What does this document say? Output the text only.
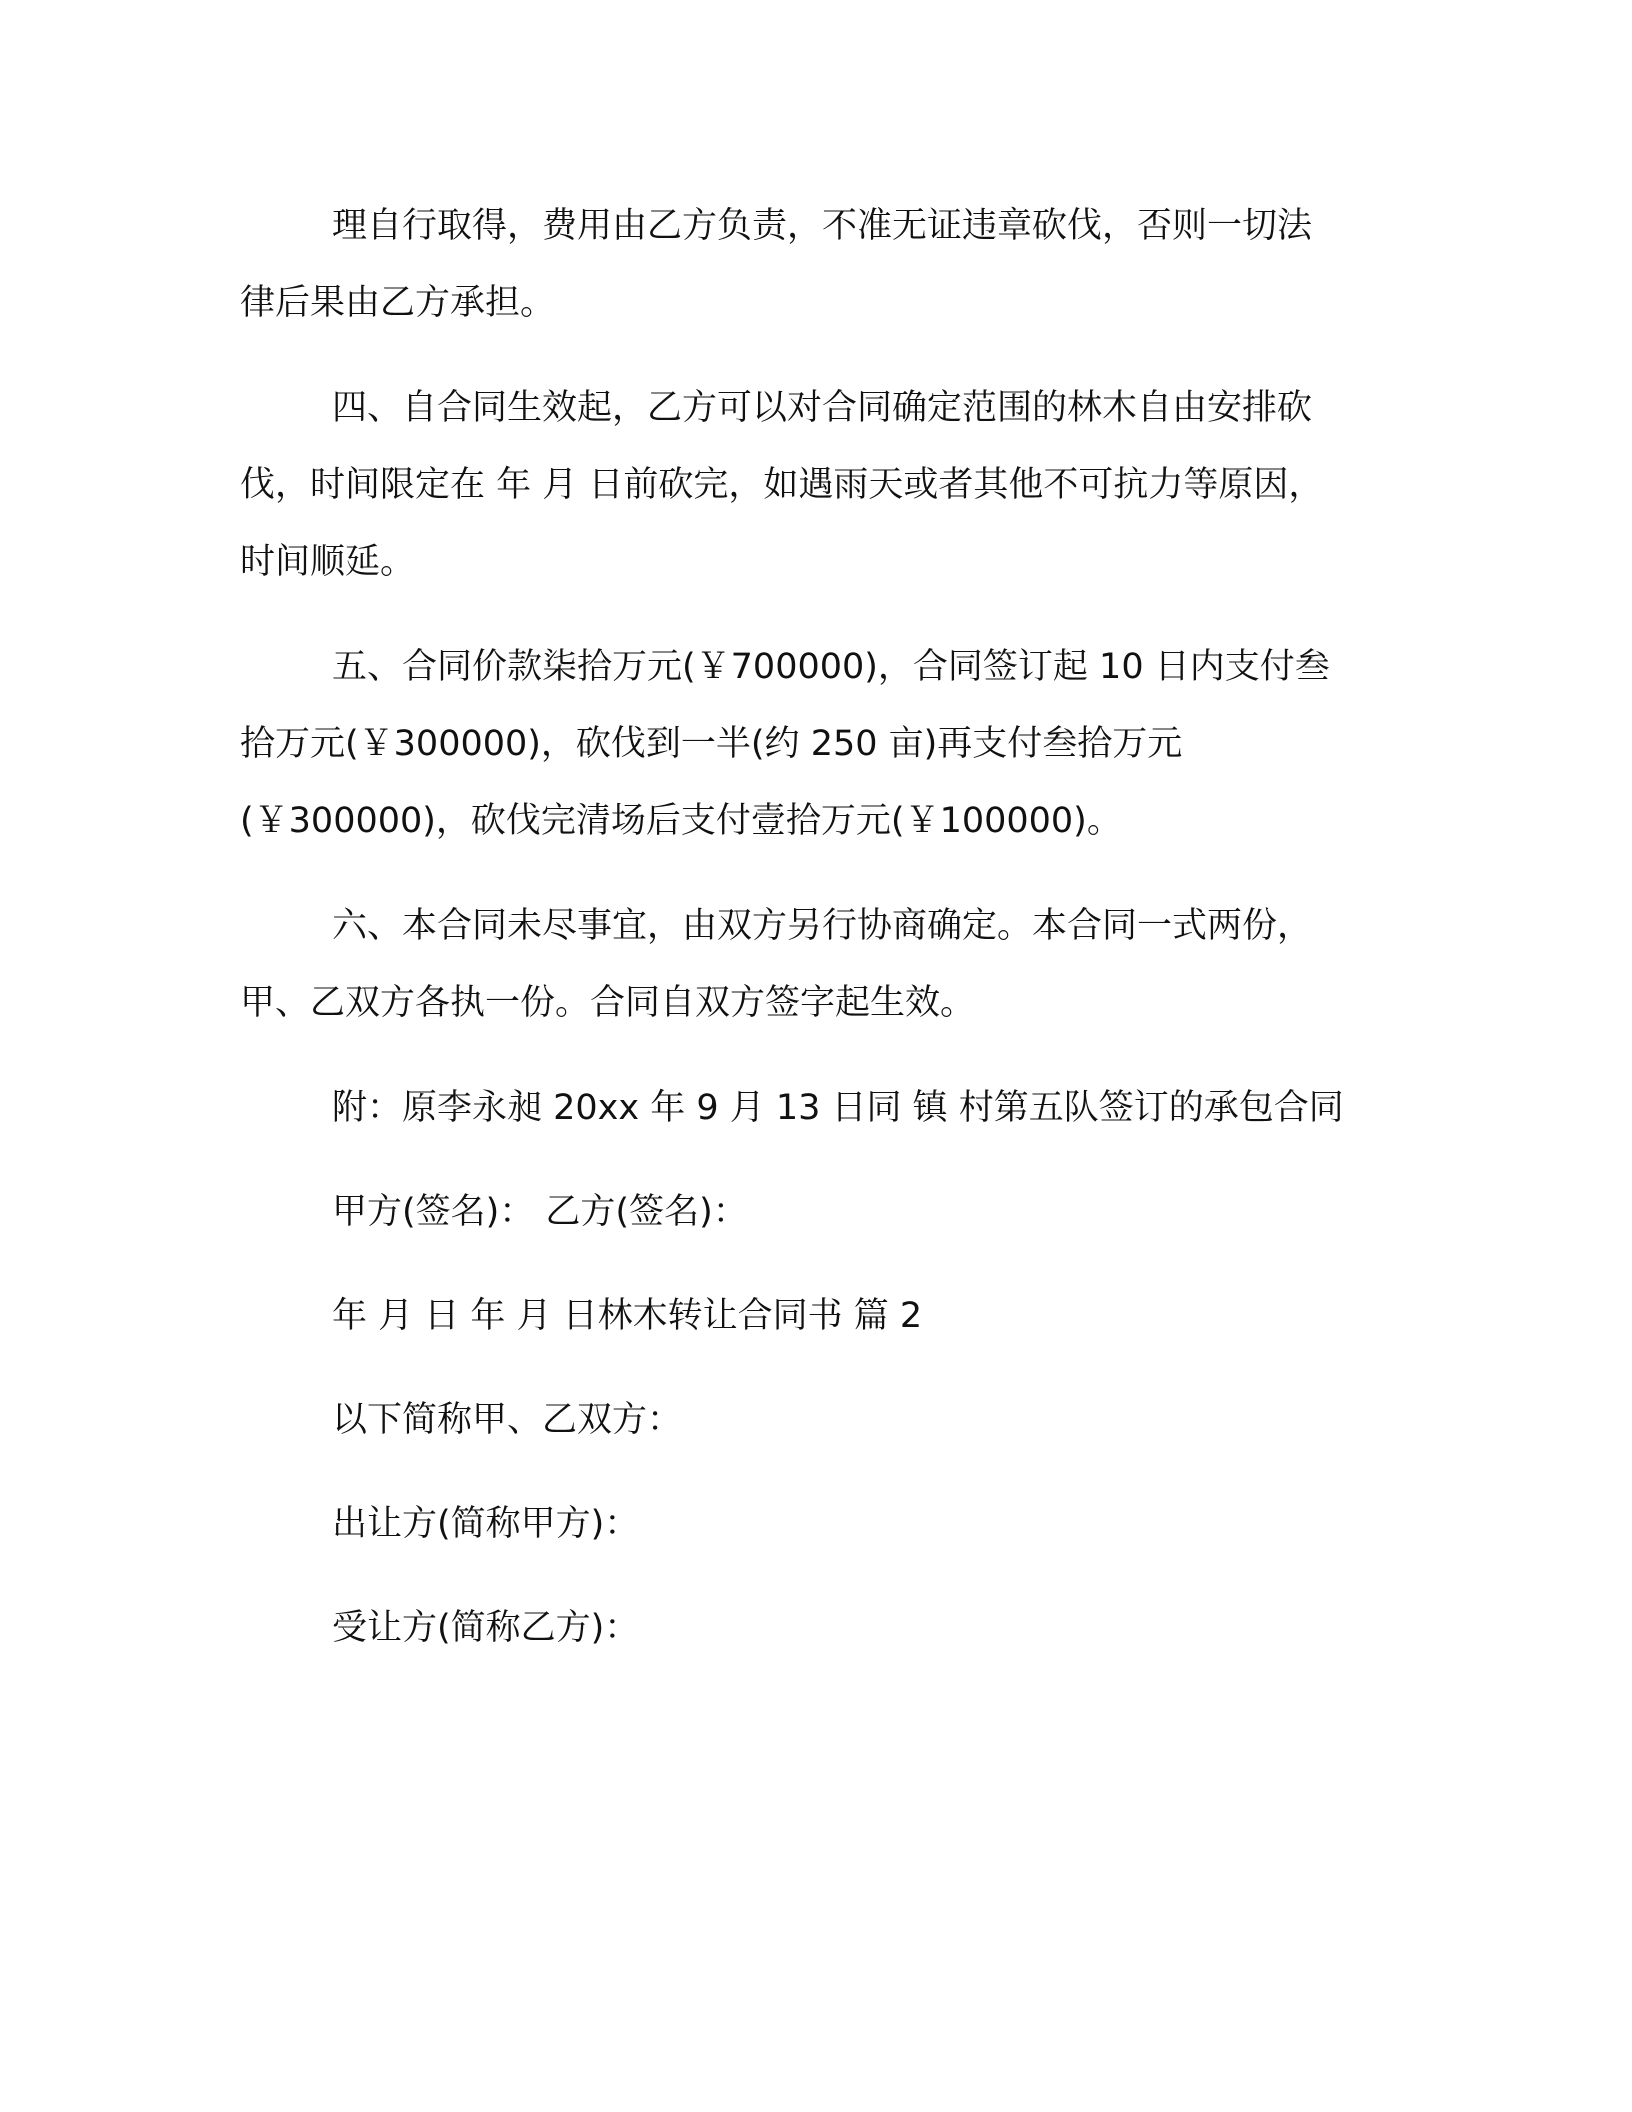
理自行取得，费用由乙方负责，不准无证违章砍伐，否则一切法
律后果由乙方承担。
四、自合同生效起，乙方可以对合同确定范围的林木自由安排砍
伐，时间限定在 年 月 日前砍完，如遇雨天或者其他不可抗力等原因，
时间顺延。
五、合同价款柒拾万元(￥700000)，合同签订起 10 日内支付叁
拾万元(￥300000)，砍伐到一半(约 250 亩)再支付叁拾万元
(￥300000)，砍伐完清场后支付壹拾万元(￥100000)。
六、本合同未尽事宜，由双方另行协商确定。本合同一式两份，
甲、乙双方各执一份。合同自双方签字起生效。
附：原李永昶 20xx 年 9 月 13 日同 镇 村第五队签订的承包合同
甲方(签名)： 乙方(签名)：
年 月 日 年 月 日林木转让合同书 篇 2
以下简称甲、乙双方：
出让方(简称甲方)：
受让方(简称乙方)：
